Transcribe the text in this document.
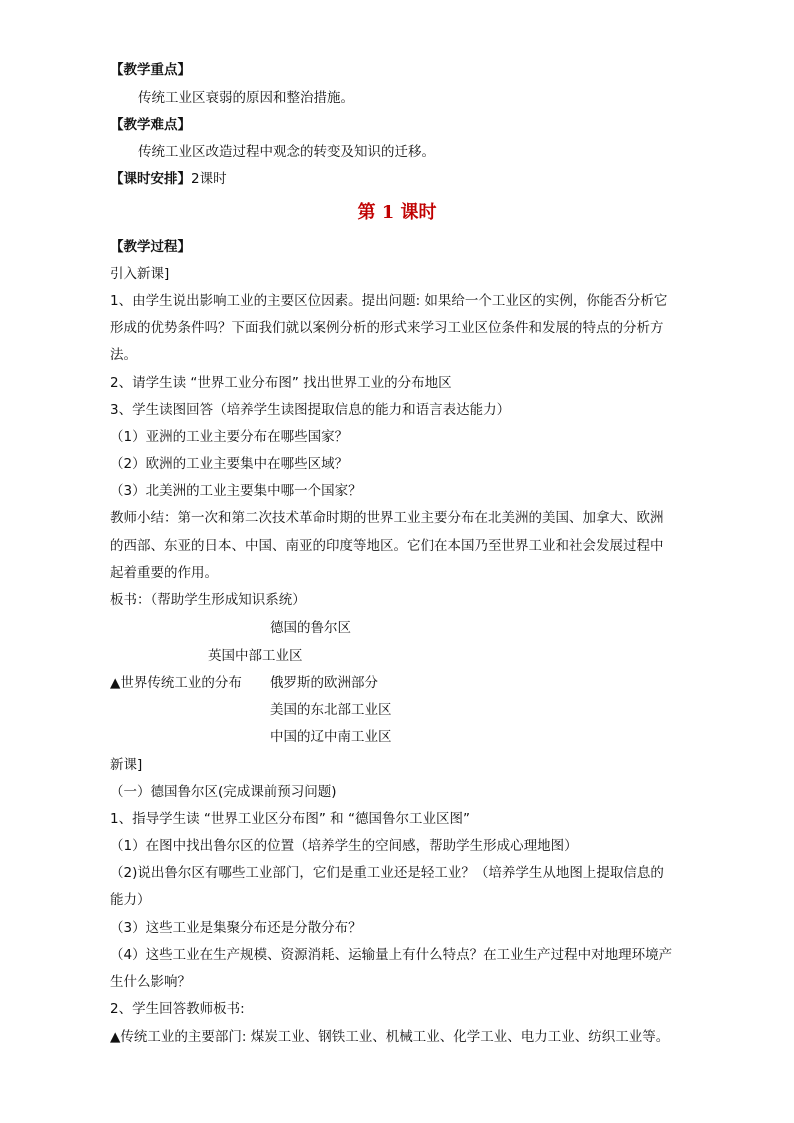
【教学重点】
传统工业区衰弱的原因和整治措施。
【教学难点】
传统工业区改造过程中观念的转变及知识的迁移。
【课时安排】2课时
第 1 课时
【教学过程】
引入新课]
1、由学生说出影响工业的主要区位因素。提出问题: 如果给一个工业区的实例，你能否分析它
形成的优势条件吗？下面我们就以案例分析的形式来学习工业区位条件和发展的特点的分析方
法。
2、请学生读 “世界工业分布图” 找出世界工业的分布地区
3、学生读图回答（培养学生读图提取信息的能力和语言表达能力）
（1）亚洲的工业主要分布在哪些国家？
（2）欧洲的工业主要集中在哪些区域？
（3）北美洲的工业主要集中哪一个国家？
教师小结：第一次和第二次技术革命时期的世界工业主要分布在北美洲的美国、加拿大、欧洲
的西部、东亚的日本、中国、南亚的印度等地区。它们在本国乃至世界工业和社会发展过程中
起着重要的作用。
板书：（帮助学生形成知识系统）
德国的鲁尔区
英国中部工业区
▲世界传统工业的分布	俄罗斯的欧洲部分
美国的东北部工业区
中国的辽中南工业区
新课]
（一）德国鲁尔区(完成课前预习问题)
1、指导学生读 “世界工业区分布图” 和 “德国鲁尔工业区图”
（1）在图中找出鲁尔区的位置（培养学生的空间感，帮助学生形成心理地图）
（2)说出鲁尔区有哪些工业部门，它们是重工业还是轻工业？（培养学生从地图上提取信息的
能力）
（3）这些工业是集聚分布还是分散分布？
（4）这些工业在生产规模、资源消耗、运输量上有什么特点？在工业生产过程中对地理环境产
生什么影响？
2、学生回答教师板书:
▲传统工业的主要部门: 煤炭工业、钢铁工业、机械工业、化学工业、电力工业、纺织工业等。
